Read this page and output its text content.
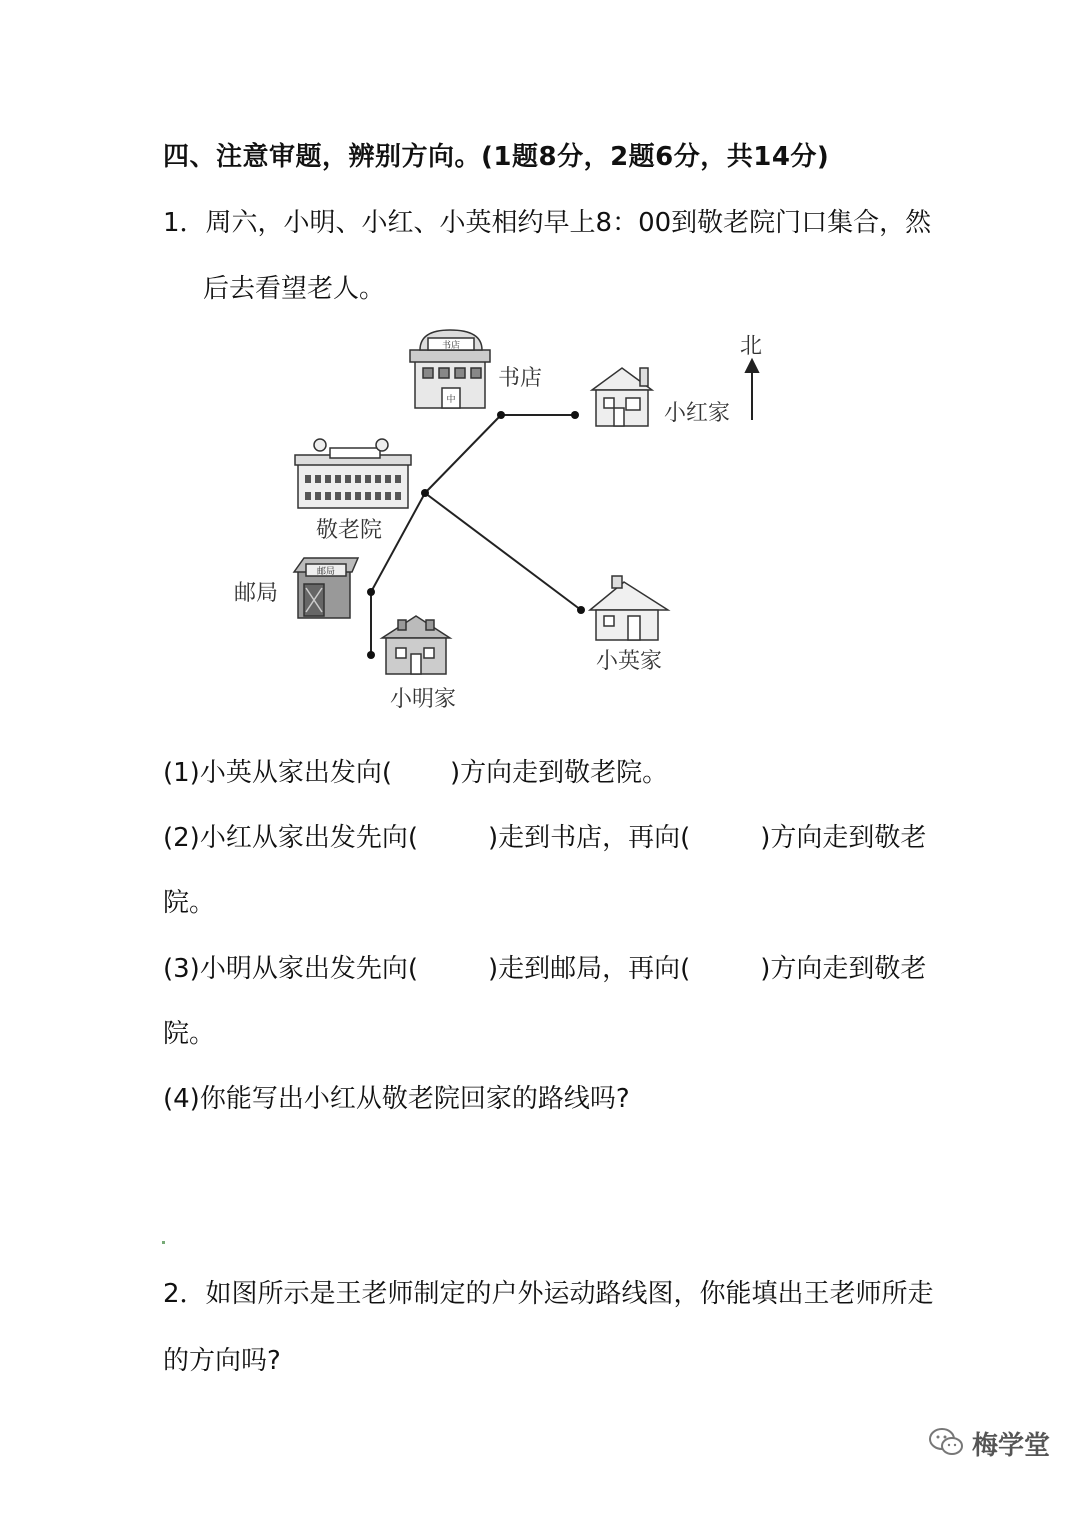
四、注意审题，辨别方向。(1题8分，2题6分，共14分)
1．周六，小明、小红、小英相约早上8：00到敬老院门口集合，然
后去看望老人。
书店
中
书店
小红家
北
敬老院
邮局
邮局
小明家
小英家
(1)小英从家出发向( )方向走到敬老院。
(2)小红从家出发先向(	)走到书店，再向(	)方向走到敬老
院。
(3)小明从家出发先向(	)走到邮局，再向(	)方向走到敬老
院。
(4)你能写出小红从敬老院回家的路线吗?
2．如图所示是王老师制定的户外运动路线图，你能填出王老师所走
的方向吗?
梅学堂
